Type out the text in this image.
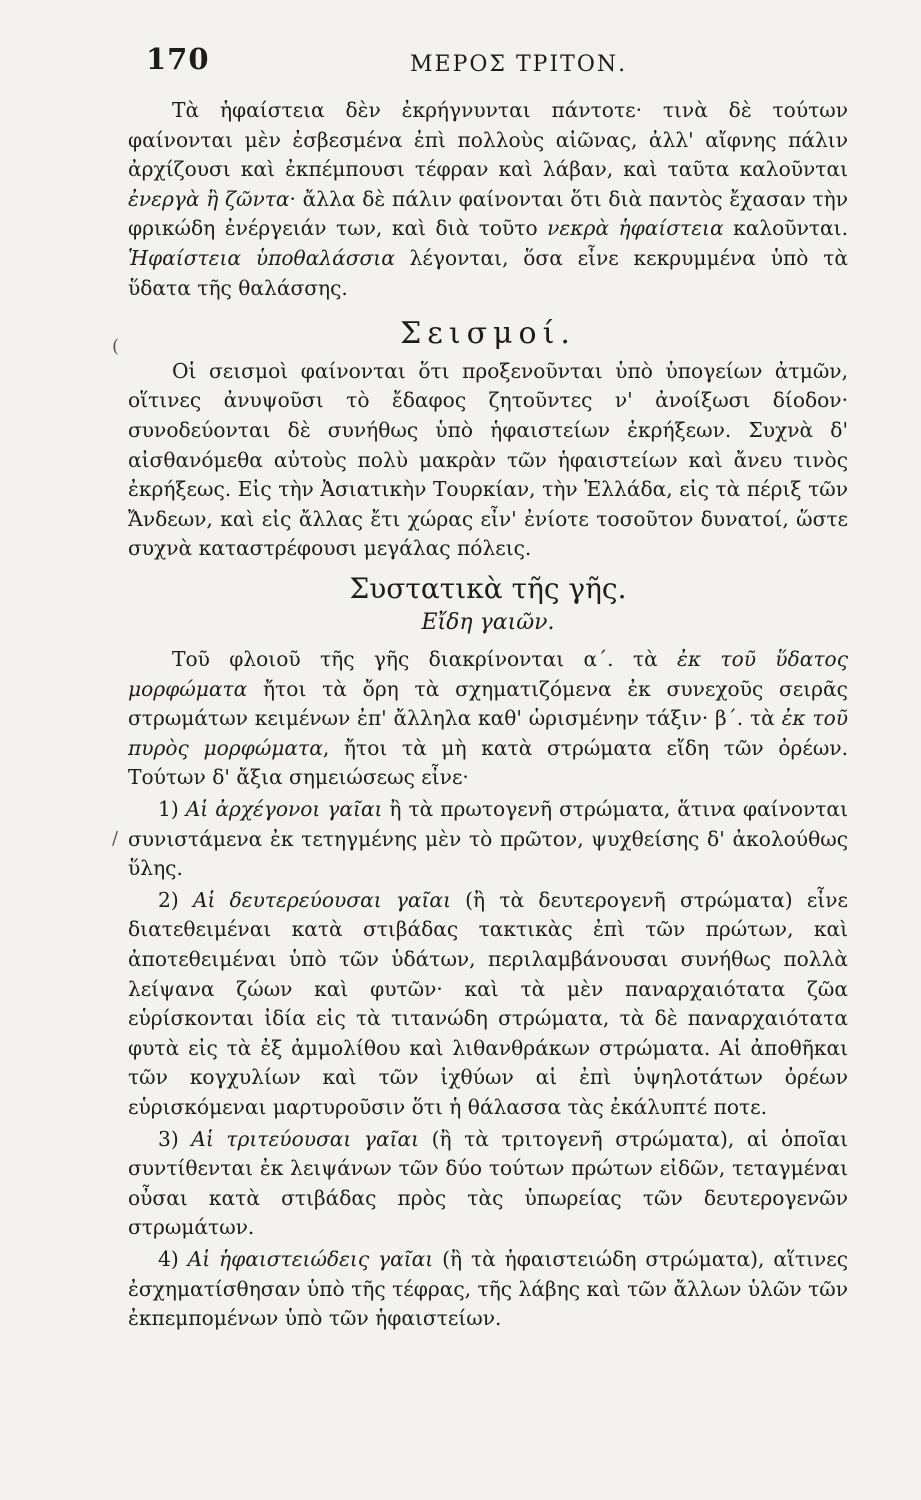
170	ΜΕΡΟΣ ΤΡΙΤΟΝ.

Τὰ ἡφαίστεια δὲν ἐκρήγνυνται πάντοτε· τινὰ δὲ τούτων φαίνονται μὲν ἐσβεσμένα ἐπὶ πολλοὺς αἰῶνας, ἀλλ' αἴφνης πάλιν ἀρχίζουσι καὶ ἐκπέμπουσι τέφραν καὶ λάβαν, καὶ ταῦτα καλοῦνται ἐνεργὰ ἢ ζῶντα· ἄλλα δὲ πάλιν φαίνονται ὅτι διὰ παντὸς ἔχασαν τὴν φρικώδη ἐνέργειάν των, καὶ διὰ τοῦτο νεκρὰ ἡφαίστεια καλοῦνται. Ἡφαίστεια ὑποθαλάσσια λέγονται, ὅσα εἶνε κεκρυμμένα ὑπὸ τὰ ὕδατα τῆς θαλάσσης.

Σεισμοί.

Οἱ σεισμοὶ φαίνονται ὅτι προξενοῦνται ὑπὸ ὑπογείων ἀτμῶν, οἵτινες ἀνυψοῦσι τὸ ἔδαφος ζητοῦντες ν' ἀνοίξωσι δίοδον· συνοδεύονται δὲ συνήθως ὑπὸ ἡφαιστείων ἐκρήξεων. Συχνὰ δ' αἰσθανόμεθα αὐτοὺς πολὺ μακρὰν τῶν ἡφαιστείων καὶ ἄνευ τινὸς ἐκρήξεως. Εἰς τὴν Ἀσιατικὴν Τουρκίαν, τὴν Ἑλλάδα, εἰς τὰ πέριξ τῶν Ἄνδεων, καὶ εἰς ἄλλας ἔτι χώρας εἶν' ἐνίοτε τοσοῦτον δυνατοί, ὥστε συχνὰ καταστρέφουσι μεγάλας πόλεις.

Συστατικὰ τῆς γῆς.
Εἴδη γαιῶν.

Τοῦ φλοιοῦ τῆς γῆς διακρίνονται α΄. τὰ ἐκ τοῦ ὕδατος μορφώματα ἤτοι τὰ ὄρη τὰ σχηματιζόμενα ἐκ συνεχοῦς σειρᾶς στρωμάτων κειμένων ἐπ' ἄλληλα καθ' ὡρισμένην τάξιν· β΄. τὰ ἐκ τοῦ πυρὸς μορφώματα, ἤτοι τὰ μὴ κατὰ στρώματα εἴδη τῶν ὀρέων. Τούτων δ' ἄξια σημειώσεως εἶνε·

1) Αἱ ἀρχέγονοι γαῖαι ἢ τὰ πρωτογενῆ στρώματα, ἅτινα φαίνονται συνιστάμενα ἐκ τετηγμένης μὲν τὸ πρῶτον, ψυχθείσης δ' ἀκολούθως ὕλης.

2) Αἱ δευτερεύουσαι γαῖαι (ἢ τὰ δευτερογενῆ στρώματα) εἶνε διατεθειμέναι κατὰ στιβάδας τακτικὰς ἐπὶ τῶν πρώτων, καὶ ἀποτεθειμέναι ὑπὸ τῶν ὑδάτων, περιλαμβάνουσαι συνήθως πολλὰ λείψανα ζώων καὶ φυτῶν· καὶ τὰ μὲν παναρχαιότατα ζῶα εὑρίσκονται ἰδία εἰς τὰ τιτανώδη στρώματα, τὰ δὲ παναρχαιότατα φυτὰ εἰς τὰ ἐξ ἀμμολίθου καὶ λιθανθράκων στρώματα. Αἱ ἀποθῆκαι τῶν κογχυλίων καὶ τῶν ἰχθύων αἱ ἐπὶ ὑψηλοτάτων ὀρέων εὑρισκόμεναι μαρτυροῦσιν ὅτι ἡ θάλασσα τὰς ἐκάλυπτέ ποτε.

3) Αἱ τριτεύουσαι γαῖαι (ἢ τὰ τριτογενῆ στρώματα), αἱ ὁποῖαι συντίθενται ἐκ λειψάνων τῶν δύο τούτων πρώτων εἰδῶν, τεταγμέναι οὖσαι κατὰ στιβάδας πρὸς τὰς ὑπωρείας τῶν δευτερογενῶν στρωμάτων.

4) Αἱ ἡφαιστειώδεις γαῖαι (ἢ τὰ ἡφαιστειώδη στρώματα), αἵτινες ἐσχηματίσθησαν ὑπὸ τῆς τέφρας, τῆς λάβης καὶ τῶν ἄλλων ὑλῶν τῶν ἐκπεμπομένων ὑπὸ τῶν ἡφαιστείων.

(
/
